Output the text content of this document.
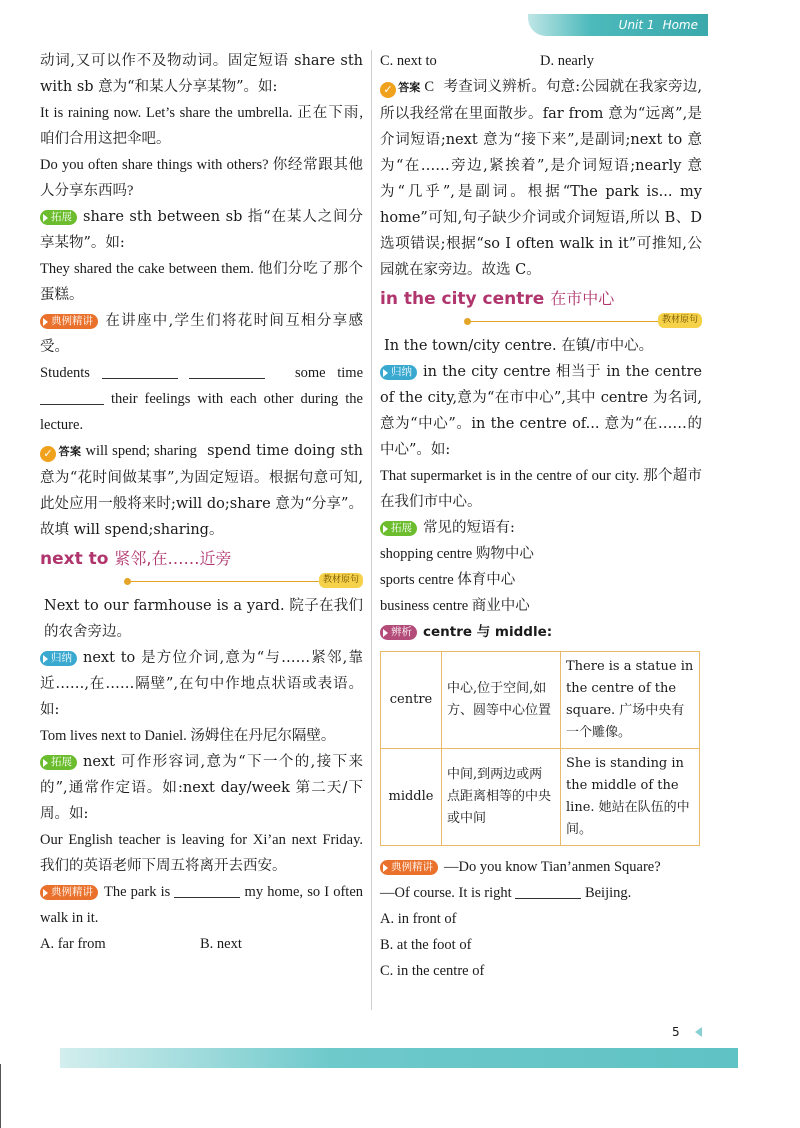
Unit 1 Home

动词,又可以作不及物动词。固定短语 share sth with sb 意为“和某人分享某物”。如:

It is raining now. Let’s share the umbrella. 正在下雨,咱们合用这把伞吧。

Do you often share things with others? 你经常跟其他人分享东西吗?

拓展 share sth between sb 指“在某人之间分享某物”。如:

They shared the cake between them. 他们分吃了那个蛋糕。

典例精讲 在讲座中,学生们将花时间互相分享感受。

Students	some time  their feelings with each other during the lecture.

✓ 答案 will spend; sharing spend time doing sth 意为“花时间做某事”,为固定短语。根据句意可知,此处应用一般将来时;will do;share 意为“分享”。故填 will spend;sharing。

next to 紧邻,在……近旁
教材原句

Next to our farmhouse is a yard. 院子在我们的农舍旁边。

归纳 next to 是方位介词,意为“与……紧邻,靠近……,在……隔壁”,在句中作地点状语或表语。如:

Tom lives next to Daniel. 汤姆住在丹尼尔隔壁。

拓展 next 可作形容词,意为“下一个的,接下来的”,通常作定语。如:next day/week 第二天/下周。如:

Our English teacher is leaving for Xi’an next Friday. 我们的英语老师下周五将离开去西安。

典例精讲 The park is	my home, so I often walk in it.

A. far from	B. next

C. next to	D. nearly

✓ 答案 C 考查词义辨析。句意:公园就在我家旁边,所以我经常在里面散步。far from 意为“远离”,是介词短语;next 意为“接下来”,是副词;next to 意为“在……旁边,紧挨着”,是介词短语;nearly 意为“几乎”,是副词。根据“The park is... my home”可知,句子缺少介词或介词短语,所以 B、D 选项错误;根据“so I often walk in it”可推知,公园就在家旁边。故选 C。

in the city centre 在市中心
教材原句

In the town/city centre. 在镇/市中心。

归纳 in the city centre 相当于 in the centre of the city,意为“在市中心”,其中 centre 为名词,意为“中心”。in the centre of... 意为“在……的中心”。如:

That supermarket is in the centre of our city. 那个超市在我们市中心。

拓展 常见的短语有:

shopping centre 购物中心

sports centre 体育中心

business centre 商业中心

辨析 centre 与 middle:

centre	中心,位于空间,如方、圆等中心位置	There is a statue in the centre of the square. 广场中央有一个雕像。
middle	中间,到两边或两点距离相等的中央或中间	She is standing in the middle of the line. 她站在队伍的中间。

典例精讲 —Do you know Tian’anmen Square?

—Of course. It is right	Beijing.

A. in front of

B. at the foot of

C. in the centre of

5
